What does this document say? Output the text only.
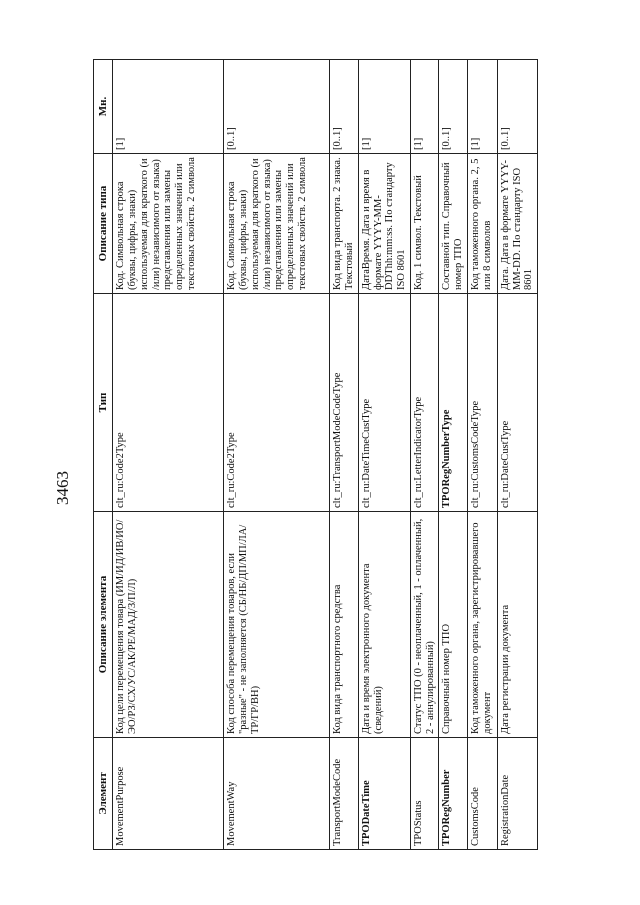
3463
Элемент	Описание элемента	Тип	Описание типа	Мн.
MovementPurpose	Код цели перемещения товара (ИМ/ИД/ИВ/ИО/ЭО/РЗ/СХ/УС/АК/РЕ/МАД/З/П/Л)	clt_ru:Code2Type	Код. Символьная строка (буквы, цифры, знаки) используемая для краткого (и /или) независимого от языка) представления или замены определенных значений или текстовых свойств. 2 символа	[1]
MovementWay	Код способа перемещения товаров, если "разные" - не заполняется (СБ/НБ/ДП/МП/ЛА/ТР/ГР/ВН)	clt_ru:Code2Type	Код. Символьная строка (буквы, цифры, знаки) используемая для краткого (и /или) независимого от языка) представления или замены определенных значений или текстовых свойств. 2 символа	[0..1]
TransportModeCode	Код вида транспортного средства	clt_ru:TransportModeCodeType	Код вида транспорта. 2 знака. Текстовый	[0..1]
TPODateTime	Дата и время электронного документа (сведений)	clt_ru:DateTimeCustType	ДатаВремя. Дата и время в формате YYYY-MM-DDThh:mm:ss. По стандарту ISO 8601	[1]
TPOStatus	Статус ТПО (0 - неоплаченный, 1 - оплаченный, 2 - аннулированный)	clt_ru:LetterIndicatorType	Код. 1 символ. Текстовый	[1]
TPORegNumber	Справочный номер ТПО	TPORegNumberType	Составной тип. Справочный номер ТПО	[0..1]
CustomsCode	Код таможенного органа, зарегистрировавшего документ	clt_ru:CustomsCodeType	Код таможенного органа. 2, 5 или 8 символов	[1]
RegistrationDate	Дата регистрации документа	clt_ru:DateCustType	Дата. Дата в формате YYYY-MM-DD. По стандарту ISO 8601	[0..1]
